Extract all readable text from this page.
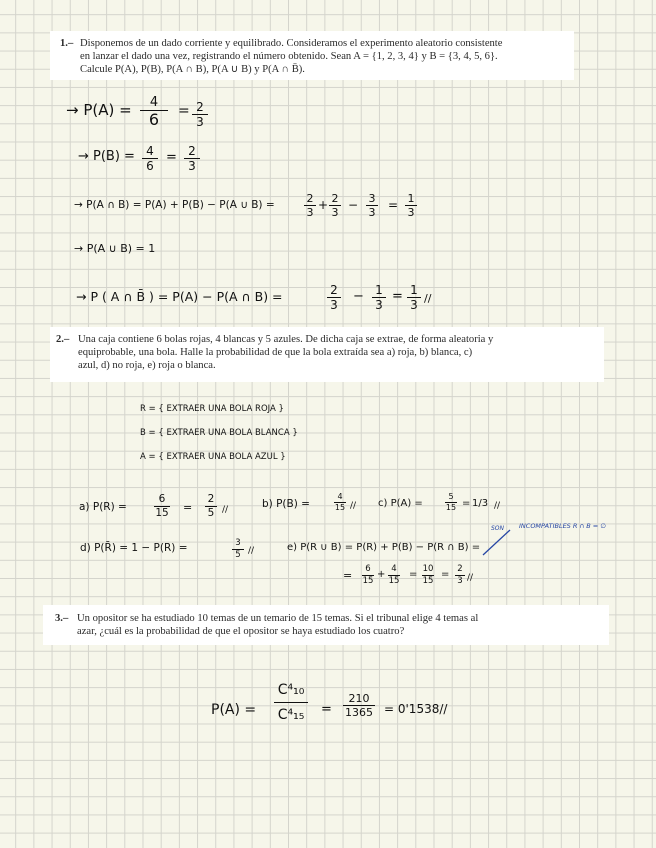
1.– Disponemos de un dado corriente y equilibrado. Consideramos el experimento aleatorio consistente
en lanzar el dado una vez, registrando el número obtenido. Sean A = {1, 2, 3, 4} y B = {3, 4, 5, 6}.
Calcule P(A), P(B), P(A ∩ B), P(A ∪ B) y P(A ∩ B̄).
→ P(A) =	4
6	= 2
3
→ P(B) = 4
6
= 2
3
→ P(A ∩ B) = P(A) + P(B) − P(A ∪ B) =	2
3
+ 2
3
− 3
3
= 1
3
→ P(A ∪ B) = 1
→ P ( A ∩ B̄ ) = P(A) − P(A ∩ B) =	2
3
− 1
3
= 1
3 //
2.– Una caja contiene 6 bolas rojas, 4 blancas y 5 azules. De dicha caja se extrae, de forma aleatoria y
equiprobable, una bola. Halle la probabilidad de que la bola extraída sea a) roja, b) blanca, c)
azul, d) no roja, e) roja o blanca.
R = { EXTRAER UNA BOLA ROJA }
B = { EXTRAER UNA BOLA BLANCA }
A = { EXTRAER UNA BOLA AZUL }
a) P(R) =
6
15 =
2
5 //	b) P(B) =
4
15 // c) P(A) =
5
15 = 1/3 //
d) P(R̄) = 1 − P(R) =	3
5 //	e) P(R ∪ B) = P(R) + P(B) − P(R ∩ B) =
SON INCOMPATIBLES R ∩ B = ∅
=	6
15
+ 4
15
= 10
15
= 2
3 //
3.– Un opositor se ha estudiado 10 temas de un temario de 15 temas. Si el tribunal elige 4 temas al
azar, ¿cuál es la probabilidad de que el opositor se haya estudiado los cuatro?
P(A) =
C⁴₁₀
C⁴₁₅ =
210
1365 = 0'1538//
